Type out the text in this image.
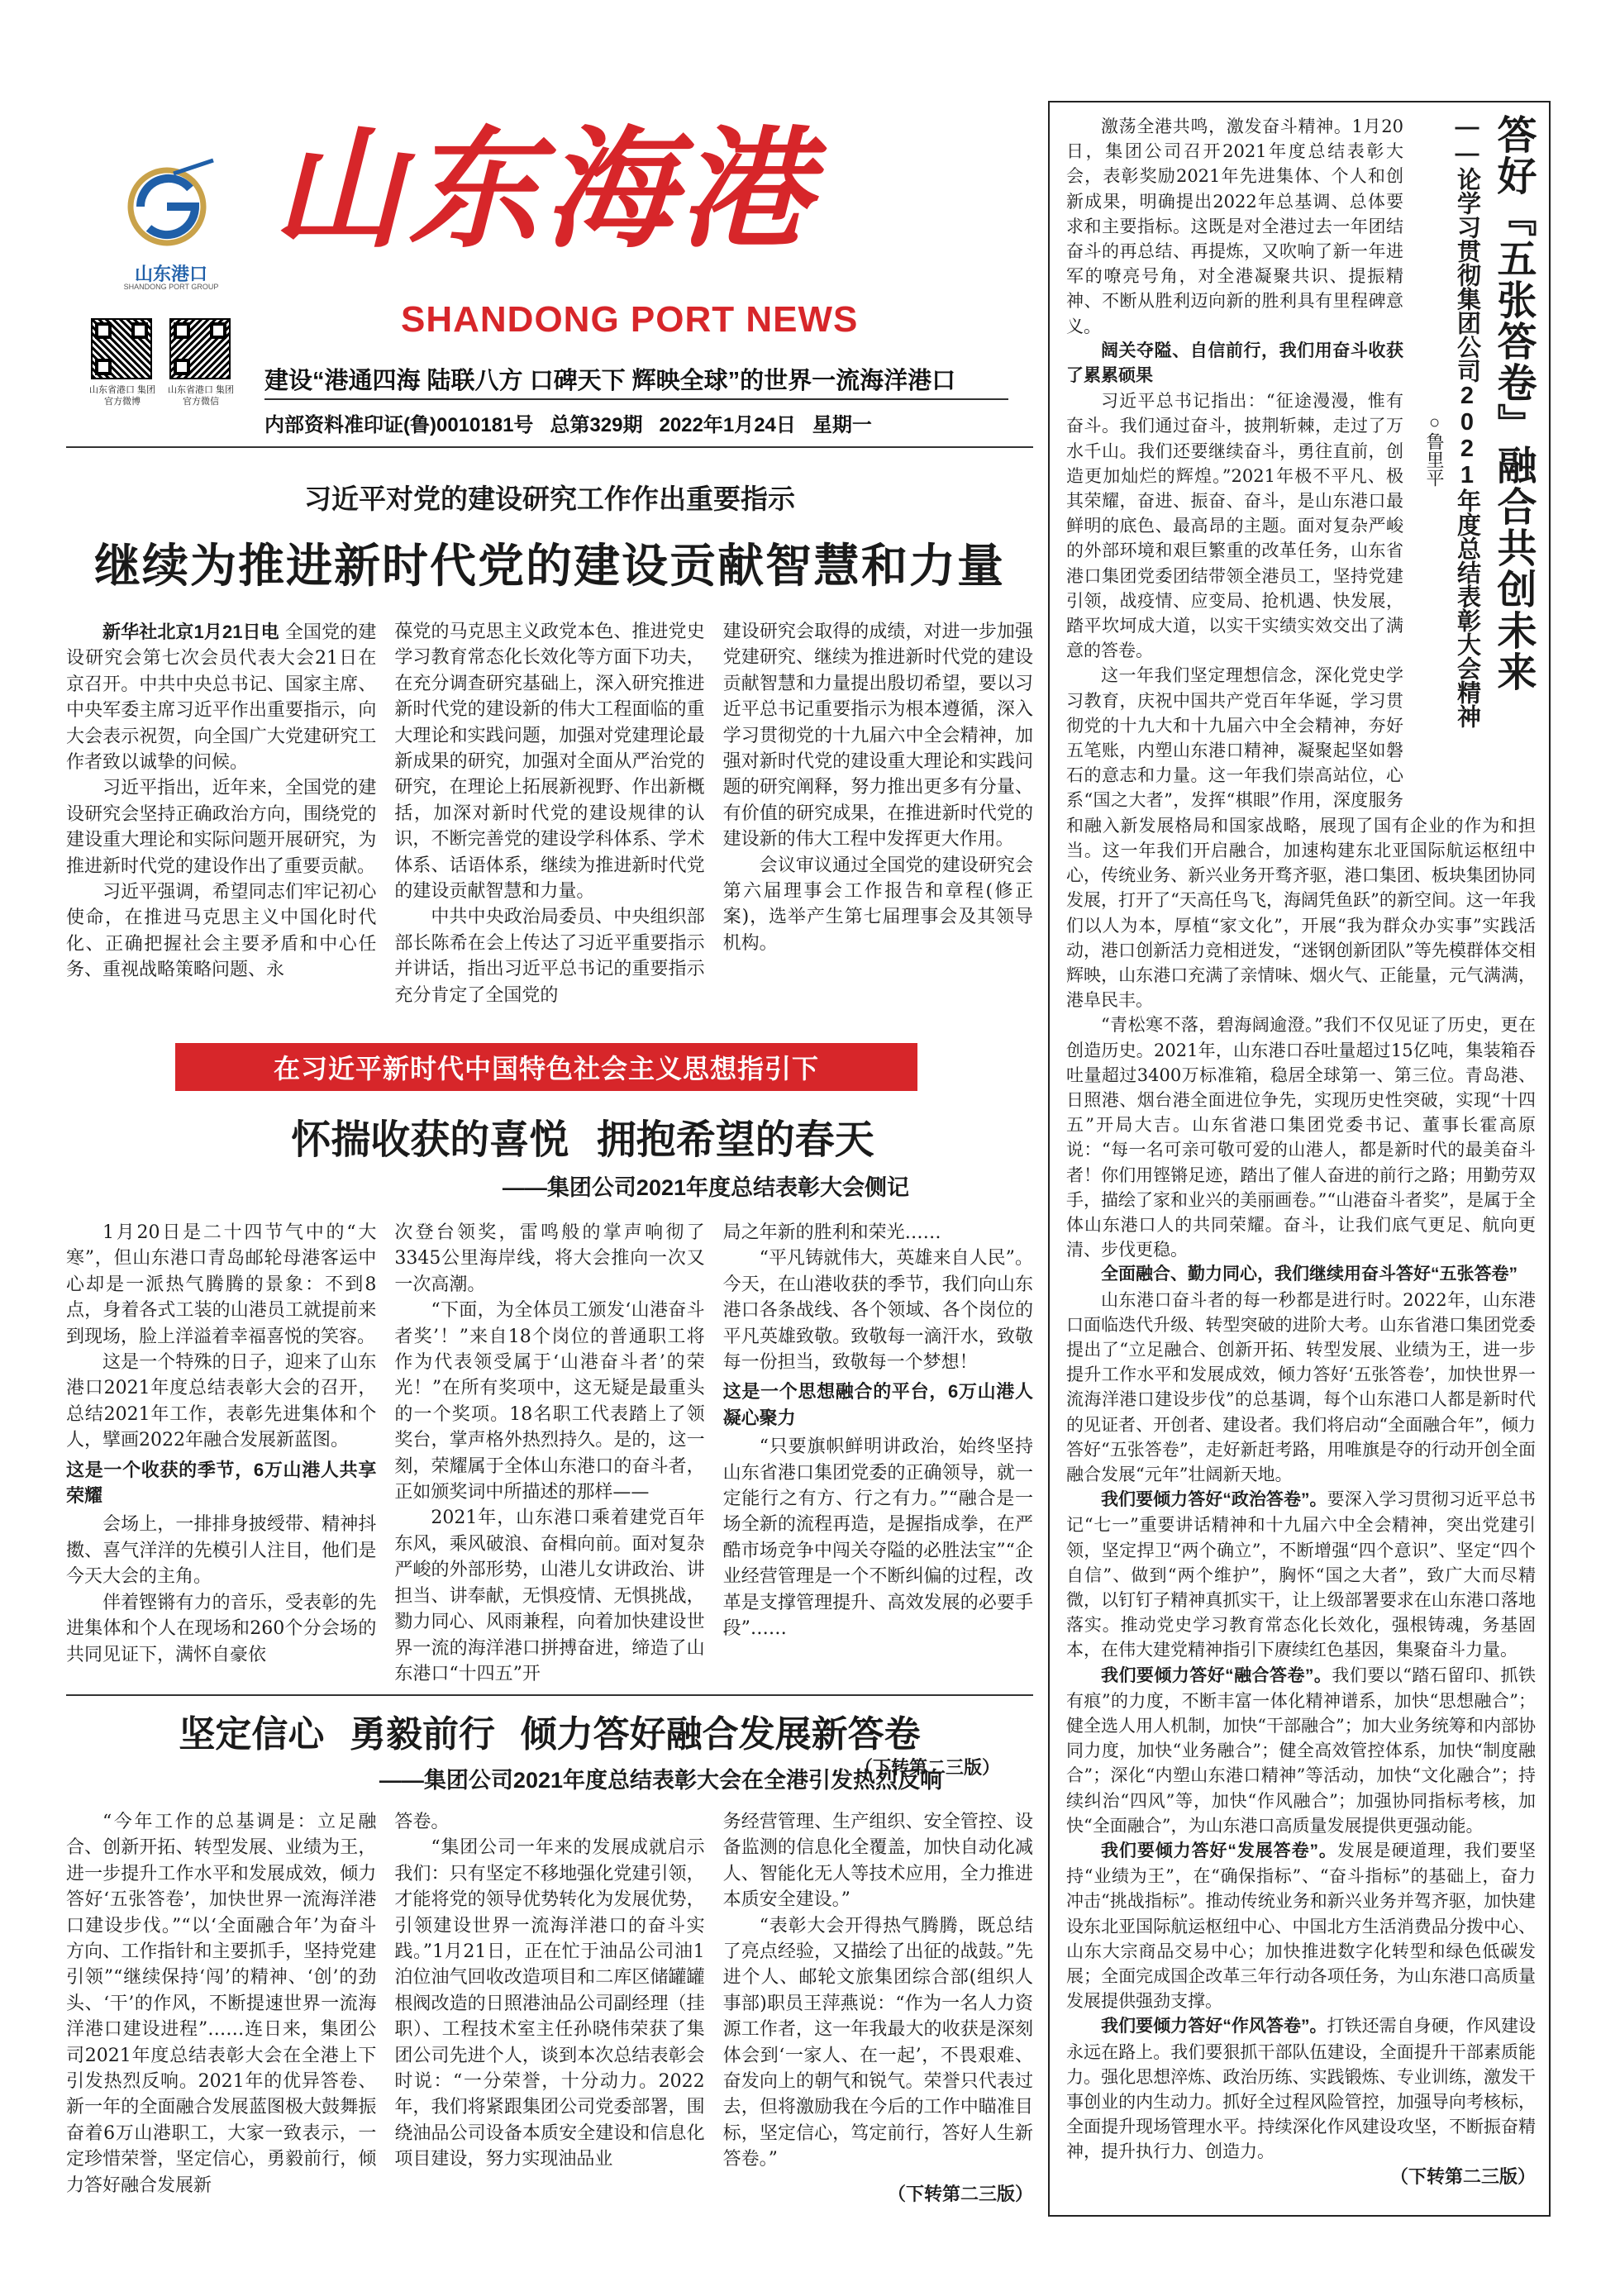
山东港口
SHANDONG PORT GROUP
山东海港
SHANDONG PORT NEWS
山东省港口 集团官方微博
山东省港口 集团官方微信
建设“港通四海 陆联八方 口碑天下 辉映全球”的世界一流海洋港口
内部资料准印证(鲁)0010181号   总第329期   2022年1月24日   星期一
习近平对党的建设研究工作作出重要指示
继续为推进新时代党的建设贡献智慧和力量

新华社北京1月21日电 全国党的建设研究会第七次会员代表大会21日在京召开。中共中央总书记、国家主席、中央军委主席习近平作出重要指示，向大会表示祝贺，向全国广大党建研究工作者致以诚挚的问候。

习近平指出，近年来，全国党的建设研究会坚持正确政治方向，围绕党的建设重大理论和实际问题开展研究，为推进新时代党的建设作出了重要贡献。

习近平强调，希望同志们牢记初心使命，在推进马克思主义中国化时代化、正确把握社会主要矛盾和中心任务、重视战略策略问题、永

葆党的马克思主义政党本色、推进党史学习教育常态化长效化等方面下功夫，在充分调查研究基础上，深入研究推进新时代党的建设新的伟大工程面临的重大理论和实践问题，加强对党建理论最新成果的研究，加强对全面从严治党的研究，在理论上拓展新视野、作出新概括，加深对新时代党的建设规律的认识，不断完善党的建设学科体系、学术体系、话语体系，继续为推进新时代党的建设贡献智慧和力量。

中共中央政治局委员、中央组织部部长陈希在会上传达了习近平重要指示并讲话，指出习近平总书记的重要指示充分肯定了全国党的

建设研究会取得的成绩，对进一步加强党建研究、继续为推进新时代党的建设贡献智慧和力量提出殷切希望，要以习近平总书记重要指示为根本遵循，深入学习贯彻党的十九届六中全会精神，加强对新时代党的建设重大理论和实践问题的研究阐释，努力推出更多有分量、有价值的研究成果，在推进新时代党的建设新的伟大工程中发挥更大作用。

会议审议通过全国党的建设研究会第六届理事会工作报告和章程(修正案)，选举产生第七届理事会及其领导机构。

在习近平新时代中国特色社会主义思想指引下
怀揣收获的喜悦  拥抱希望的春天
——集团公司2021年度总结表彰大会侧记

1月20日是二十四节气中的“大寒”，但山东港口青岛邮轮母港客运中心却是一派热气腾腾的景象：不到8点，身着各式工装的山港员工就提前来到现场，脸上洋溢着幸福喜悦的笑容。

这是一个特殊的日子，迎来了山东港口2021年度总结表彰大会的召开，总结2021年工作，表彰先进集体和个人，擘画2022年融合发展新蓝图。

这是一个收获的季节，6万山港人共享荣耀

会场上，一排排身披绶带、精神抖擞、喜气洋洋的先模引人注目，他们是今天大会的主角。

伴着铿锵有力的音乐，受表彰的先进集体和个人在现场和260个分会场的共同见证下，满怀自豪依

次登台领奖，雷鸣般的掌声响彻了3345公里海岸线，将大会推向一次又一次高潮。

“下面，为全体员工颁发‘山港奋斗者奖’！”来自18个岗位的普通职工将作为代表领受属于‘山港奋斗者’的荣光！”在所有奖项中，这无疑是最重头的一个奖项。18名职工代表踏上了领奖台，掌声格外热烈持久。是的，这一刻，荣耀属于全体山东港口的奋斗者，正如颁奖词中所描述的那样——

2021年，山东港口乘着建党百年东风，乘风破浪、奋楫向前。面对复杂严峻的外部形势，山港儿女讲政治、讲担当、讲奉献，无惧疫情、无惧挑战，勠力同心、风雨兼程，向着加快建设世界一流的海洋港口拼搏奋进，缔造了山东港口“十四五”开

局之年新的胜利和荣光……

“平凡铸就伟大，英雄来自人民”。今天，在山港收获的季节，我们向山东港口各条战线、各个领域、各个岗位的平凡英雄致敬。致敬每一滴汗水，致敬每一份担当，致敬每一个梦想！

这是一个思想融合的平台，6万山港人凝心聚力

“只要旗帜鲜明讲政治，始终坚持山东省港口集团党委的正确领导，就一定能行之有方、行之有力。”“融合是一场全新的流程再造，是握指成拳，在严酷市场竞争中闯关夺隘的必胜法宝”“企业经营管理是一个不断纠偏的过程，改革是支撑管理提升、高效发展的必要手段”……

（下转第二三版）
坚定信心  勇毅前行  倾力答好融合发展新答卷
——集团公司2021年度总结表彰大会在全港引发热烈反响

“今年工作的总基调是：立足融合、创新开拓、转型发展、业绩为王，进一步提升工作水平和发展成效，倾力答好‘五张答卷’，加快世界一流海洋港口建设步伐。”“以‘全面融合年’为奋斗方向、工作指针和主要抓手，坚持党建引领”“继续保持‘闯’的精神、‘创’的劲头、‘干’的作风，不断提速世界一流海洋港口建设进程”……连日来，集团公司2021年度总结表彰大会在全港上下引发热烈反响。2021年的优异答卷、新一年的全面融合发展蓝图极大鼓舞振奋着6万山港职工，大家一致表示，一定珍惜荣誉，坚定信心，勇毅前行，倾力答好融合发展新

答卷。

“集团公司一年来的发展成就启示我们：只有坚定不移地强化党建引领，才能将党的领导优势转化为发展优势，引领建设世界一流海洋港口的奋斗实践。”1月21日，正在忙于油品公司油1泊位油气回收改造项目和二库区储罐罐根阀改造的日照港油品公司副经理（挂职）、工程技术室主任孙晓伟荣获了集团公司先进个人，谈到本次总结表彰会时说：“一分荣誉，十分动力。2022年，我们将紧跟集团公司党委部署，围绕油品公司设备本质安全建设和信息化项目建设，努力实现油品业

务经营管理、生产组织、安全管控、设备监测的信息化全覆盖，加快自动化减人、智能化无人等技术应用，全力推进本质安全建设。”

“表彰大会开得热气腾腾，既总结了亮点经验，又描绘了出征的战鼓。”先进个人、邮轮文旅集团综合部(组织人事部)职员王萍燕说：“作为一名人力资源工作者，这一年我最大的收获是深刻体会到‘一家人、在一起’，不畏艰难、奋发向上的朝气和锐气。荣誉只代表过去，但将激励我在今后的工作中瞄准目标，坚定信心，笃定前行，答好人生新答卷。”

（下转第二三版）
答好『五张答卷』融合共创未来
——论学习贯彻集团公司2021年度总结表彰大会精神
○鲁里平

激荡全港共鸣，激发奋斗精神。1月20日，集团公司召开2021年度总结表彰大会，表彰奖励2021年先进集体、个人和创新成果，明确提出2022年总基调、总体要求和主要指标。这既是对全港过去一年团结奋斗的再总结、再提炼，又吹响了新一年进军的嘹亮号角，对全港凝聚共识、提振精神、不断从胜利迈向新的胜利具有里程碑意义。

阔关夺隘、自信前行，我们用奋斗收获了累累硕果

习近平总书记指出：“征途漫漫，惟有奋斗。我们通过奋斗，披荆斩棘，走过了万水千山。我们还要继续奋斗，勇往直前，创造更加灿烂的辉煌。”2021年极不平凡、极其荣耀，奋进、振奋、奋斗，是山东港口最鲜明的底色、最高昂的主题。面对复杂严峻的外部环境和艰巨繁重的改革任务，山东省港口集团党委团结带领全港员工，坚持党建引领，战疫情、应变局、抢机遇、快发展，踏平坎坷成大道，以实干实绩实效交出了满意的答卷。

这一年我们坚定理想信念，深化党史学习教育，庆祝中国共产党百年华诞，学习贯彻党的十九大和十九届六中全会精神，夯好五笔账，内塑山东港口精神，凝聚起坚如磐石的意志和力量。这一年我们崇高站位，心系“国之大者”，发挥“棋眼”作用，深度服务和融入新发展格局和国家战略，展现了国有企业的作为和担当。这一年我们开启融合，加速构建东北亚国际航运枢纽中心，传统业务、新兴业务开骛齐驱，港口集团、板块集团协同发展，打开了“天高任鸟飞，海阔凭鱼跃”的新空间。这一年我们以人为本，厚植“家文化”，开展“我为群众办实事”实践活动，港口创新活力竞相迸发，“迷钢创新团队”等先模群体交相辉映，山东港口充满了亲情味、烟火气、正能量，元气满满，港阜民丰。

“青松寒不落，碧海阔逾澄。”我们不仅见证了历史，更在创造历史。2021年，山东港口吞吐量超过15亿吨，集装箱吞吐量超过3400万标准箱，稳居全球第一、第三位。青岛港、日照港、烟台港全面进位争先，实现历史性突破，实现“十四五”开局大吉。山东省港口集团党委书记、董事长霍高原说：“每一名可亲可敬可爱的山港人，都是新时代的最美奋斗者！你们用铿锵足迹，踏出了催人奋进的前行之路；用勤劳双手，描绘了家和业兴的美丽画卷。”“山港奋斗者奖”，是属于全体山东港口人的共同荣耀。奋斗，让我们底气更足、航向更清、步伐更稳。

全面融合、勤力同心，我们继续用奋斗答好“五张答卷”

山东港口奋斗者的每一秒都是进行时。2022年，山东港口面临迭代升级、转型突破的进阶大考。山东省港口集团党委提出了“立足融合、创新开拓、转型发展、业绩为王，进一步提升工作水平和发展成效，倾力答好‘五张答卷’，加快世界一流海洋港口建设步伐”的总基调，每个山东港口人都是新时代的见证者、开创者、建设者。我们将启动“全面融合年”，倾力答好“五张答卷”，走好新赶考路，用唯旗是夺的行动开创全面融合发展“元年”壮阔新天地。

我们要倾力答好“政治答卷”。要深入学习贯彻习近平总书记“七一”重要讲话精神和十九届六中全会精神，突出党建引领，坚定捍卫“两个确立”，不断增强“四个意识”、坚定“四个自信”、做到“两个维护”，胸怀“国之大者”，致广大而尽精微，以钉钉子精神真抓实干，让上级部署要求在山东港口落地落实。推动党史学习教育常态化长效化，强根铸魂，务基固本，在伟大建党精神指引下赓续红色基因，集聚奋斗力量。

我们要倾力答好“融合答卷”。我们要以“踏石留印、抓铁有痕”的力度，不断丰富一体化精神谱系，加快“思想融合”；健全选人用人机制，加快“干部融合”；加大业务统筹和内部协同力度，加快“业务融合”；健全高效管控体系，加快“制度融合”；深化“内塑山东港口精神”等活动，加快“文化融合”；持续纠治“四风”等，加快“作风融合”；加强协同指标考核，加快“全面融合”，为山东港口高质量发展提供更强动能。

我们要倾力答好“发展答卷”。发展是硬道理，我们要坚持“业绩为王”，在“确保指标”、“奋斗指标”的基础上，奋力冲击“挑战指标”。推动传统业务和新兴业务并驾齐驱，加快建设东北亚国际航运枢纽中心、中国北方生活消费品分拨中心、山东大宗商品交易中心；加快推进数字化转型和绿色低碳发展；全面完成国企改革三年行动各项任务，为山东港口高质量发展提供强劲支撑。

我们要倾力答好“作风答卷”。打铁还需自身硬，作风建设永远在路上。我们要狠抓干部队伍建设，全面提升干部素质能力。强化思想淬炼、政治历练、实践锻炼、专业训练，激发干事创业的内生动力。抓好全过程风险管控，加强导向考核标，全面提升现场管理水平。持续深化作风建设攻坚，不断振奋精神，提升执行力、创造力。

（下转第二三版）
